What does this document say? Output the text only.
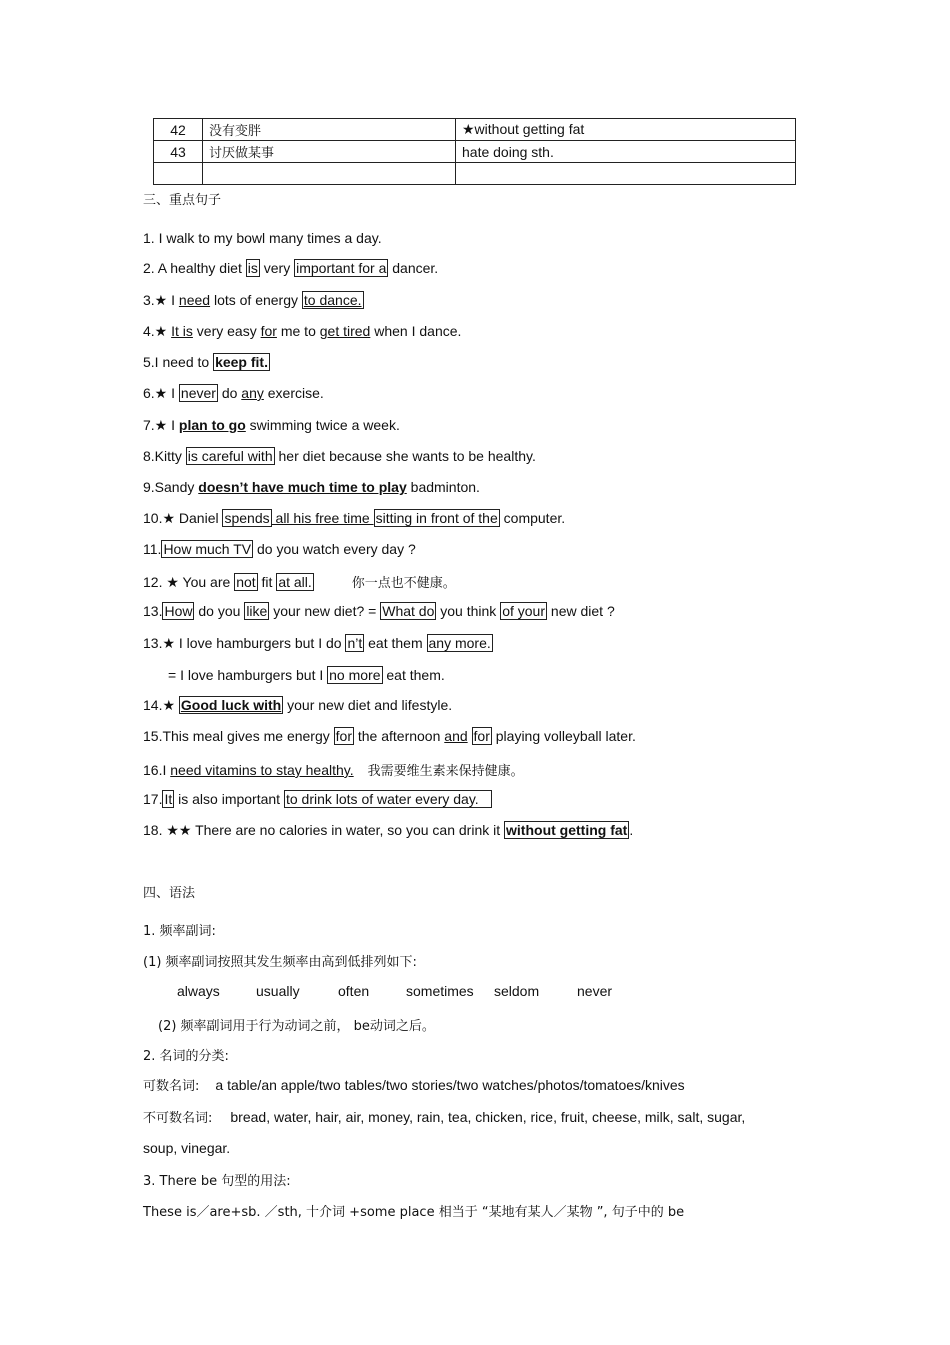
42	没有变胖	★without getting fat
43	讨厌做某事	hate doing sth.

三、重点句子
1. I walk to my bowl many times a day.
2. A healthy diet is very important for a dancer.
3.★ I need lots of energy to dance.
4.★ It is very easy for me to get tired when I dance.
5.I need to keep fit.
6.★ I never do any exercise.
7.★ I plan to go swimming twice a week.
8.Kitty is careful with her diet because she wants to be healthy.
9.Sandy doesn’t have much time to play badminton.
10.★ Daniel spends all his free time sitting in front of the computer.
11. How much TV do you watch every day ?
12. ★ You are not fit at all.	你一点也不健康。
13. How do you like your new diet? = What do you think of your new diet ?
13.★ I love hamburgers but I do n’t eat them any more.
= I love hamburgers but I no more eat them.
14.★ Good luck with your new diet and lifestyle.
15.This meal gives me energy for the afternoon and for playing volleyball later.
16.I need vitamins to stay healthy. 我需要维生素来保持健康。
17. It is also important to drink lots of water every day.
18. ★★ There are no calories in water, so you can drink it without getting fat .
四、语法
1. 频率副词:
(1) 频率副词按照其发生频率由高到低排列如下:
always	usually	often	sometimes seldom	never
(2) 频率副词用于行为动词之前， be动词之后。
2. 名词的分类:
可数名词: a table/an apple/two tables/two stories/two watches/photos/tomatoes/knives
不可数名词: bread, water, hair, air, money, rain, tea, chicken, rice, fruit, cheese, milk, salt, sugar,
soup, vinegar.
3. There be 句型的用法:
These is／are+sb. ／sth, 十介词 +some place 相当于 “某地有某人／某物 ”, 句子中的 be
